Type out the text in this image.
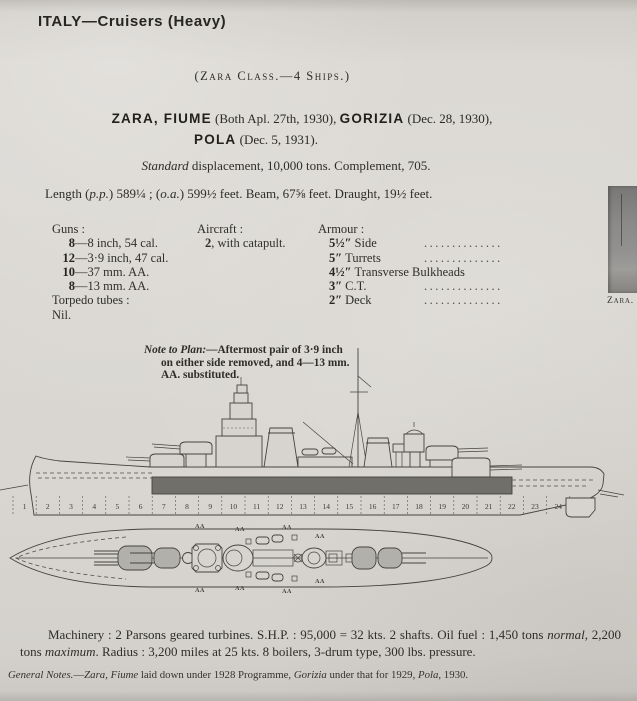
ITALY—Cruisers (Heavy)
(Zara Class.—4 Ships.)
ZARA, FIUME (Both Apl. 27th, 1930), GORIZIA (Dec. 28, 1930),
POLA (Dec. 5, 1931).
Standard displacement, 10,000 tons. Complement, 705.
Length (p.p.) 589¼ ; (o.a.) 599½ feet. Beam, 67⅝ feet. Draught, 19½ feet.
Guns :
8—8 inch, 54 cal.
12—3·9 inch, 47 cal.
10—37 mm. AA.
8—13 mm. AA.
Torpedo tubes :
Nil.
Aircraft :
2, with catapult.
Armour :
5½″ Side	..............
5″ Turrets	..............
4½″ Transverse Bulkheads
3″ C.T.	..............
2″ Deck	..............	Zara.
Note to Plan:—Aftermost pair of 3·9 inch
on either side removed, and 4—13 mm.
AA. substituted.
1	2	3	4	5	6	7	8	9 10 11 12 13 14 15 16 17 18 19 20 21 22 23 24
AA	AA	AA
AA
AA	AA	AA
AA
Machinery : 2 Parsons geared turbines. S.H.P. : 95,000 = 32 kts. 2 shafts. Oil fuel : 1,450 tons normal, 2,200 tons maximum. Radius : 3,200 miles at 25 kts. 8 boilers, 3-drum type, 300 lbs. pressure.
General Notes.—Zara, Fiume laid down under 1928 Programme, Gorizia under that for 1929, Pola, 1930.
